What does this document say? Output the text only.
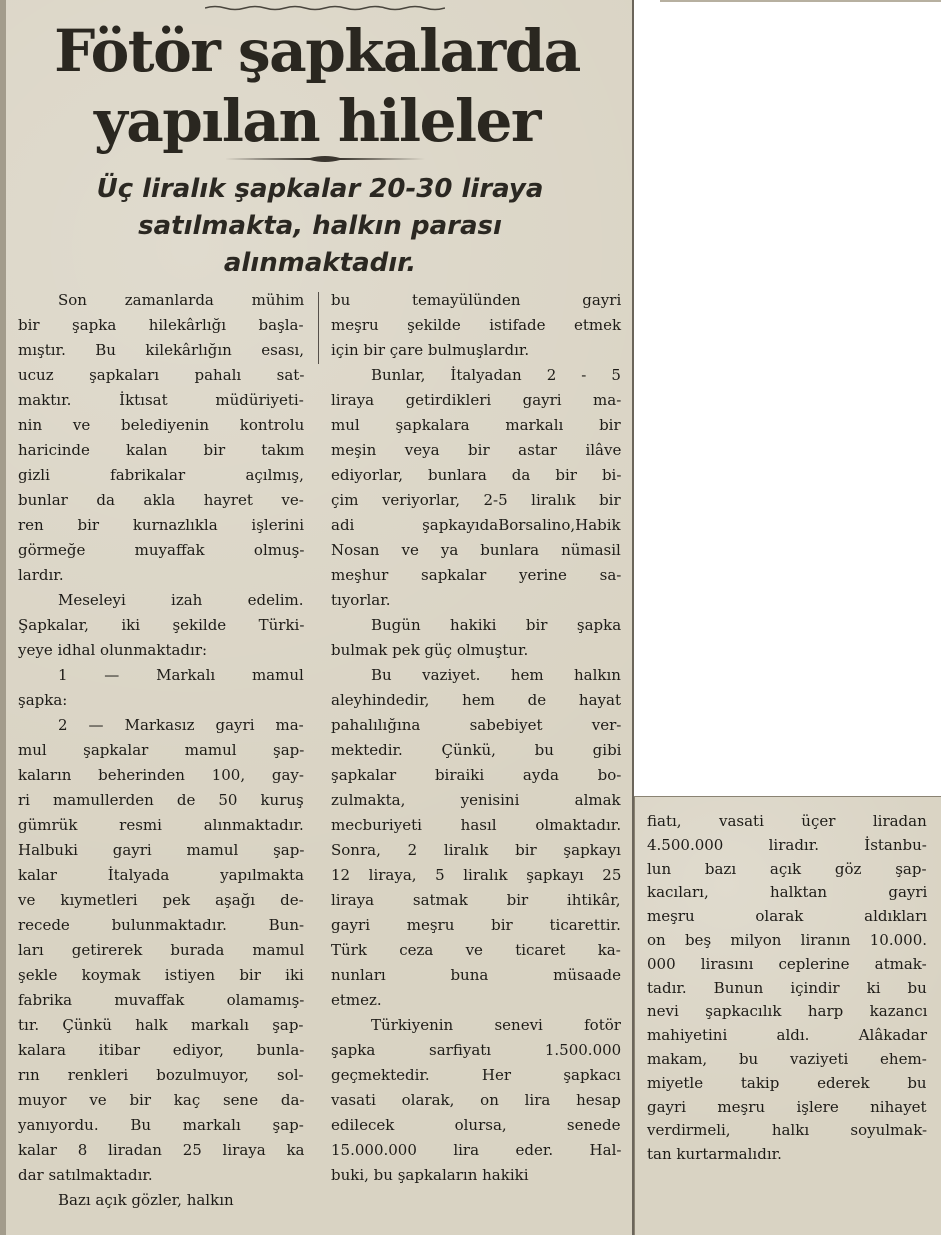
Fötör şapkalarda
yapılan hileler
Üç liralık şapkalar 20-30 liraya
satılmakta, halkın parası
alınmaktadır.
Son zamanlarda mühim
bir şapka hilekârlığı başla-
mıştır. Bu kilekârlığın esası,
ucuz şapkaları pahalı sat-
maktır. İktısat müdüriyeti-
nin ve belediyenin kontrolu
haricinde kalan bir takım
gizli fabrikalar açılmış,
bunlar da akla hayret ve-
ren bir kurnazlıkla işlerini
görmeğe muyaffak olmuş-
lardır.
Meseleyi izah edelim.
Şapkalar, iki şekilde Türki-
yeye idhal olunmaktadır:
1 — Markalı mamul
şapka:
2 — Markasız gayri ma-
mul şapkalar mamul şap-
kaların beherinden 100, gay-
ri mamullerden de 50 kuruş
gümrük resmi alınmaktadır.
Halbuki gayri mamul şap-
kalar İtalyada yapılmakta
ve kıymetleri pek aşağı de-
recede bulunmaktadır. Bun-
ları getirerek burada mamul
şekle koymak istiyen bir iki
fabrika muvaffak olamamış-
tır. Çünkü halk markalı şap-
kalara itibar ediyor, bunla-
rın renkleri bozulmuyor, sol-
muyor ve bir kaç sene da-
yanıyordu. Bu markalı şap-
kalar 8 liradan 25 liraya ka
dar satılmaktadır.
Bazı açık gözler, halkın
bu temayülünden gayri
meşru şekilde istifade etmek
için bir çare bulmuşlardır.
Bunlar, İtalyadan 2 - 5
liraya getirdikleri gayri ma-
mul şapkalara markalı bir
meşin veya bir astar ilâve
ediyorlar, bunlara da bir bi-
çim veriyorlar, 2-5 liralık bir
adi şapkayıdaBorsalino,Habik
Nosan ve ya bunlara nümasil
meşhur sapkalar yerine sa-
tıyorlar.
Bugün hakiki bir şapka
bulmak pek güç olmuştur.
Bu vaziyet. hem halkın
aleyhindedir, hem de hayat
pahalılığına sabebiyet ver-
mektedir. Çünkü, bu gibi
şapkalar biraiki ayda bo-
zulmakta, yenisini almak
mecburiyeti hasıl olmaktadır.
Sonra, 2 liralık bir şapkayı
12 liraya, 5 liralık şapkayı 25
liraya satmak bir ihtikâr,
gayri meşru bir ticarettir.
Türk ceza ve ticaret ka-
nunları buna müsaade
etmez.
Türkiyenin senevi fotör
şapka sarfiyatı 1.500.000
geçmektedir. Her şapkacı
vasati olarak, on lira hesap
edilecek olursa, senede
15.000.000 lira eder. Hal-
buki, bu şapkaların hakiki
fiatı, vasati üçer liradan
4.500.000 liradır. İstanbu-
lun bazı açık göz şap-
kacıları, halktan gayri
meşru olarak aldıkları
on beş milyon liranın 10.000.
000 lirasını ceplerine atmak-
tadır. Bunun içindir ki bu
nevi şapkacılık harp kazancı
mahiyetini aldı. Alâkadar
makam, bu vaziyeti ehem-
miyetle takip ederek bu
gayri meşru işlere nihayet
verdirmeli, halkı soyulmak-
tan kurtarmalıdır.
